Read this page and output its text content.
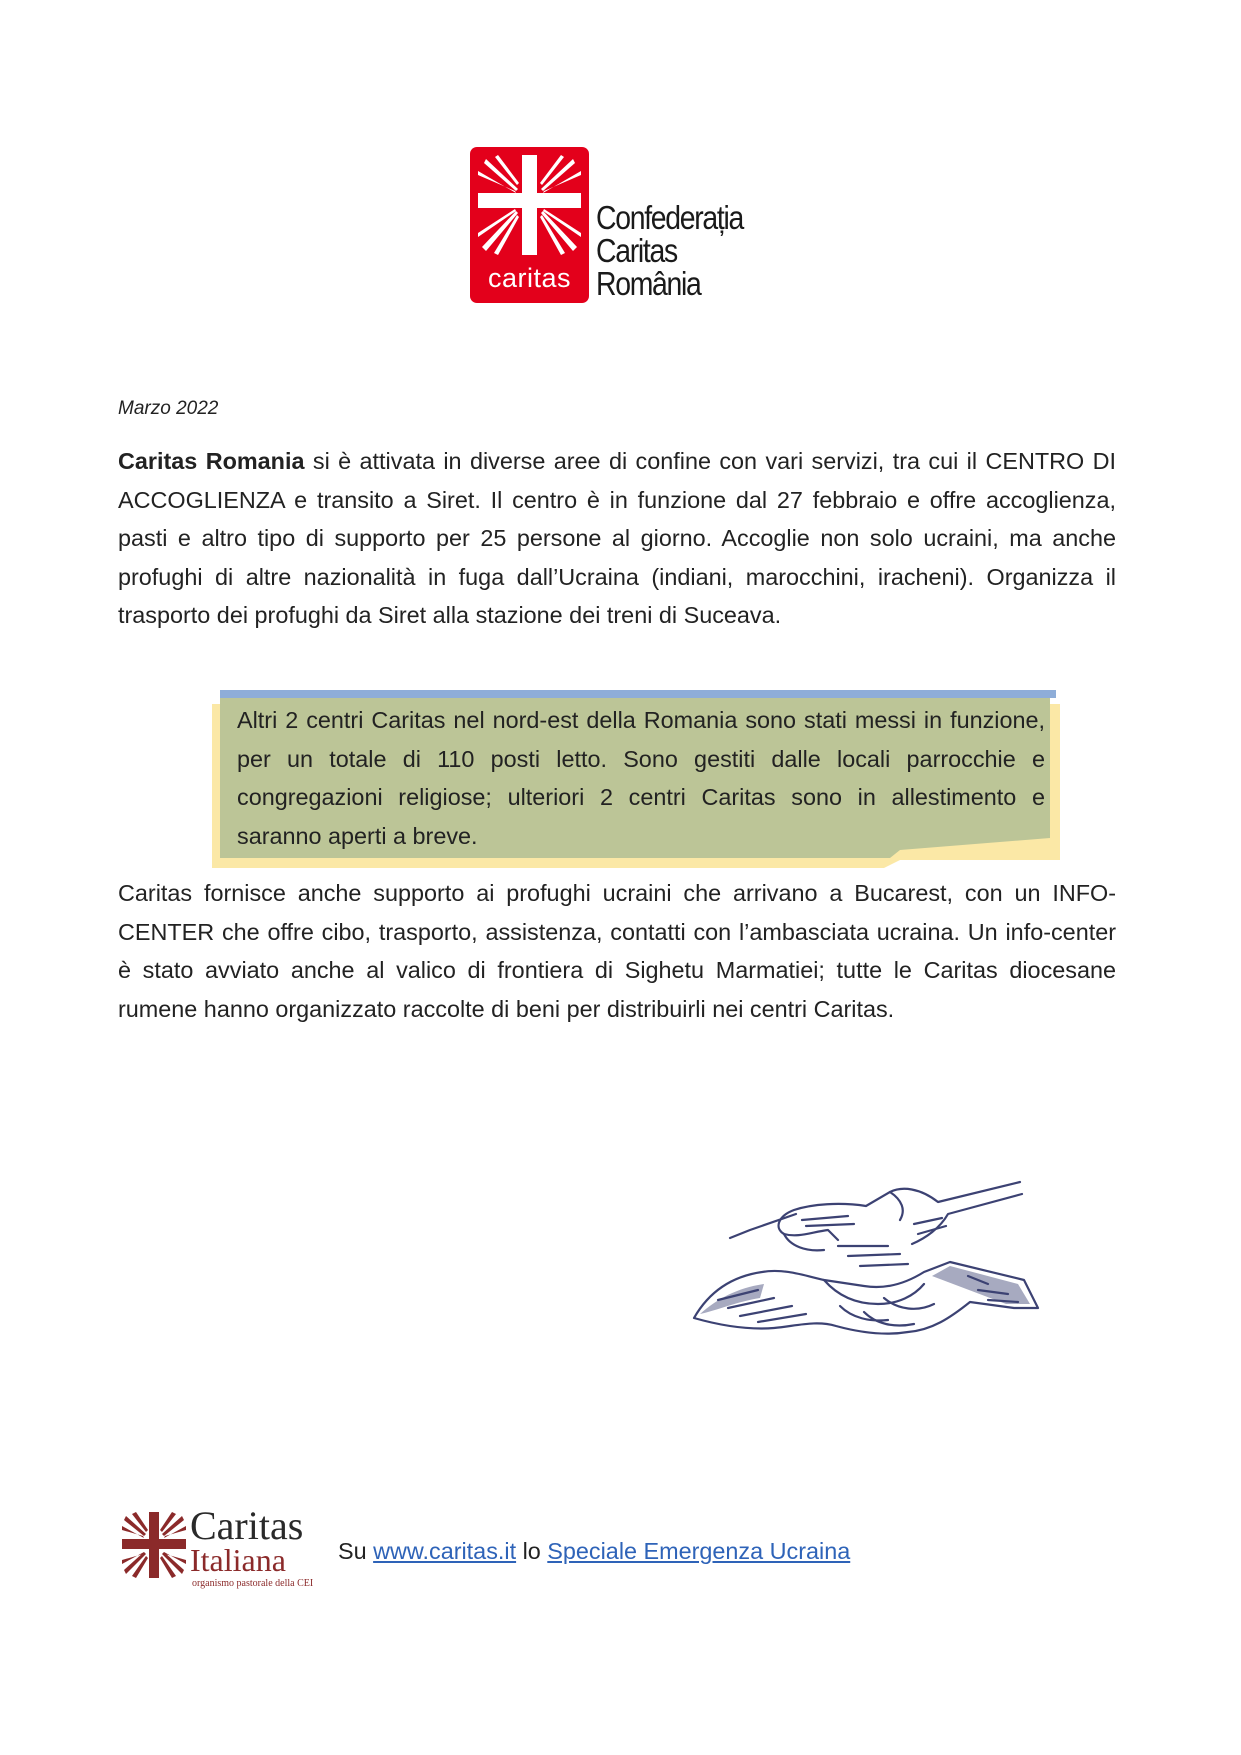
caritas
Confederația
Caritas
România
Marzo 2022
Caritas Romania si è attivata in diverse aree di confine con vari servizi, tra cui il CENTRO DI ACCOGLIENZA e transito a Siret. Il centro è in funzione dal 27 febbraio e offre accoglienza, pasti e altro tipo di supporto per 25 persone al giorno. Accoglie non solo ucraini, ma anche profughi di altre nazionalità in fuga dall’Ucraina (indiani, marocchini, iracheni). Organizza il trasporto dei profughi da Siret alla stazione dei treni di Suceava.
Altri 2 centri Caritas nel nord-est della Romania sono stati messi in funzione, per un totale di 110 posti letto. Sono gestiti dalle locali parrocchie e congregazioni religiose; ulteriori 2 centri Caritas sono in allestimento e saranno aperti a breve.
Caritas fornisce anche supporto ai profughi ucraini che arrivano a Bucarest, con un INFO-CENTER che offre cibo, trasporto, assistenza, contatti con l’ambasciata ucraina. Un info-center è stato avviato anche al valico di frontiera di Sighetu Marmatiei; tutte le Caritas diocesane rumene hanno organizzato raccolte di beni per distribuirli nei centri Caritas.
Caritas
Italiana
organismo pastorale della CEI
Su www.caritas.it lo Speciale Emergenza Ucraina
